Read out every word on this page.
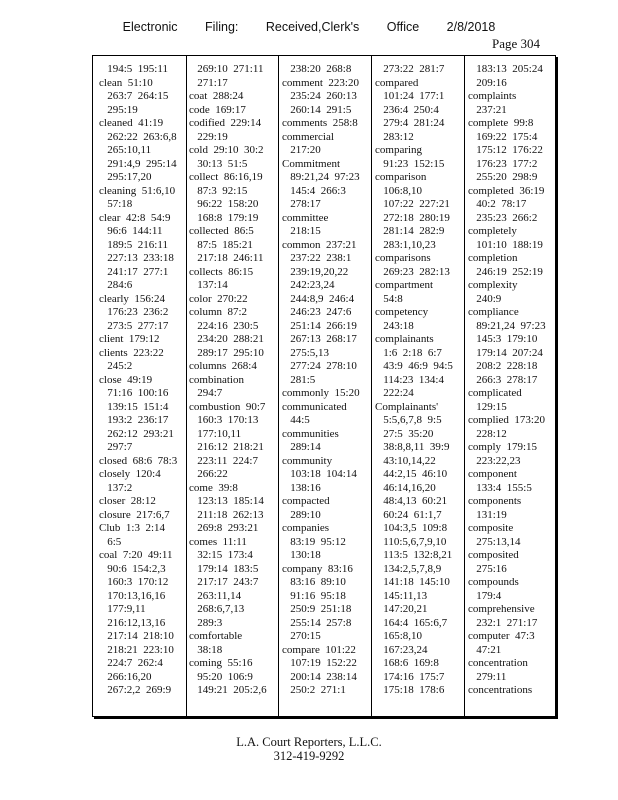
Electronic Filing: Received,Clerk's Office 2/8/2018
Page 304
194:5  195:11
clean  51:10
263:7  264:15
295:19
cleaned  41:19
262:22  263:6,8
265:10,11
291:4,9  295:14
295:17,20
cleaning  51:6,10
57:18
clear  42:8  54:9
96:6  144:11
189:5  216:11
227:13  233:18
241:17  277:1
284:6
clearly  156:24
176:23  236:2
273:5  277:17
client  179:12
clients  223:22
245:2
close  49:19
71:16  100:16
139:15  151:4
193:2  236:17
262:12  293:21
297:7
closed  68:6  78:3
closely  120:4
137:2
closer  28:12
closure  217:6,7
Club  1:3  2:14
6:5
coal  7:20  49:11
90:6  154:2,3
160:3  170:12
170:13,16,16
177:9,11
216:12,13,16
217:14  218:10
218:21  223:10
224:7  262:4
266:16,20
267:2,2  269:9
269:10  271:11
271:17
coat  288:24
code  169:17
codified  229:14
229:19
cold  29:10  30:2
30:13  51:5
collect  86:16,19
87:3  92:15
96:22  158:20
168:8  179:19
collected  86:5
87:5  185:21
217:18  246:11
collects  86:15
137:14
color  270:22
column  87:2
224:16  230:5
234:20  288:21
289:17  295:10
columns  268:4
combination
294:7
combustion  90:7
160:3  170:13
177:10,11
216:12  218:21
223:11  224:7
266:22
come  39:8
123:13  185:14
211:18  262:13
269:8  293:21
comes  11:11
32:15  173:4
179:14  183:5
217:17  243:7
263:11,14
268:6,7,13
289:3
comfortable
38:18
coming  55:16
95:20  106:9
149:21  205:2,6
238:20  268:8
comment  223:20
235:24  260:13
260:14  291:5
comments  258:8
commercial
217:20
Commitment
89:21,24  97:23
145:4  266:3
278:17
committee
218:15
common  237:21
237:22  238:1
239:19,20,22
242:23,24
244:8,9  246:4
246:23  247:6
251:14  266:19
267:13  268:17
275:5,13
277:24  278:10
281:5
commonly  15:20
communicated
44:5
communities
289:14
community
103:18  104:14
138:16
compacted
289:10
companies
83:19  95:12
130:18
company  83:16
83:16  89:10
91:16  95:18
250:9  251:18
255:14  257:8
270:15
compare  101:22
107:19  152:22
200:14  238:14
250:2  271:1
273:22  281:7
compared
101:24  177:1
236:4  250:4
279:4  281:24
283:12
comparing
91:23  152:15
comparison
106:8,10
107:22  227:21
272:18  280:19
281:14  282:9
283:1,10,23
comparisons
269:23  282:13
compartment
54:8
competency
243:18
complainants
1:6  2:18  6:7
43:9  46:9  94:5
114:23  134:4
222:24
Complainants'
5:5,6,7,8  9:5
27:5  35:20
38:8,8,11  39:9
43:10,14,22
44:2,15  46:10
46:14,16,20
48:4,13  60:21
60:24  61:1,7
104:3,5  109:8
110:5,6,7,9,10
113:5  132:8,21
134:2,5,7,8,9
141:18  145:10
145:11,13
147:20,21
164:4  165:6,7
165:8,10
167:23,24
168:6  169:8
174:16  175:7
175:18  178:6
183:13  205:24
209:16
complaints
237:21
complete  99:8
169:22  175:4
175:12  176:22
176:23  177:2
255:20  298:9
completed  36:19
40:2  78:17
235:23  266:2
completely
101:10  188:19
completion
246:19  252:19
complexity
240:9
compliance
89:21,24  97:23
145:3  179:10
179:14  207:24
208:2  228:18
266:3  278:17
complicated
129:15
complied  173:20
228:12
comply  179:15
223:22,23
component
133:4  155:5
components
131:19
composite
275:13,14
composited
275:16
compounds
179:4
comprehensive
232:1  271:17
computer  47:3
47:21
concentration
279:11
concentrations
L.A. Court Reporters, L.L.C.
312-419-9292
